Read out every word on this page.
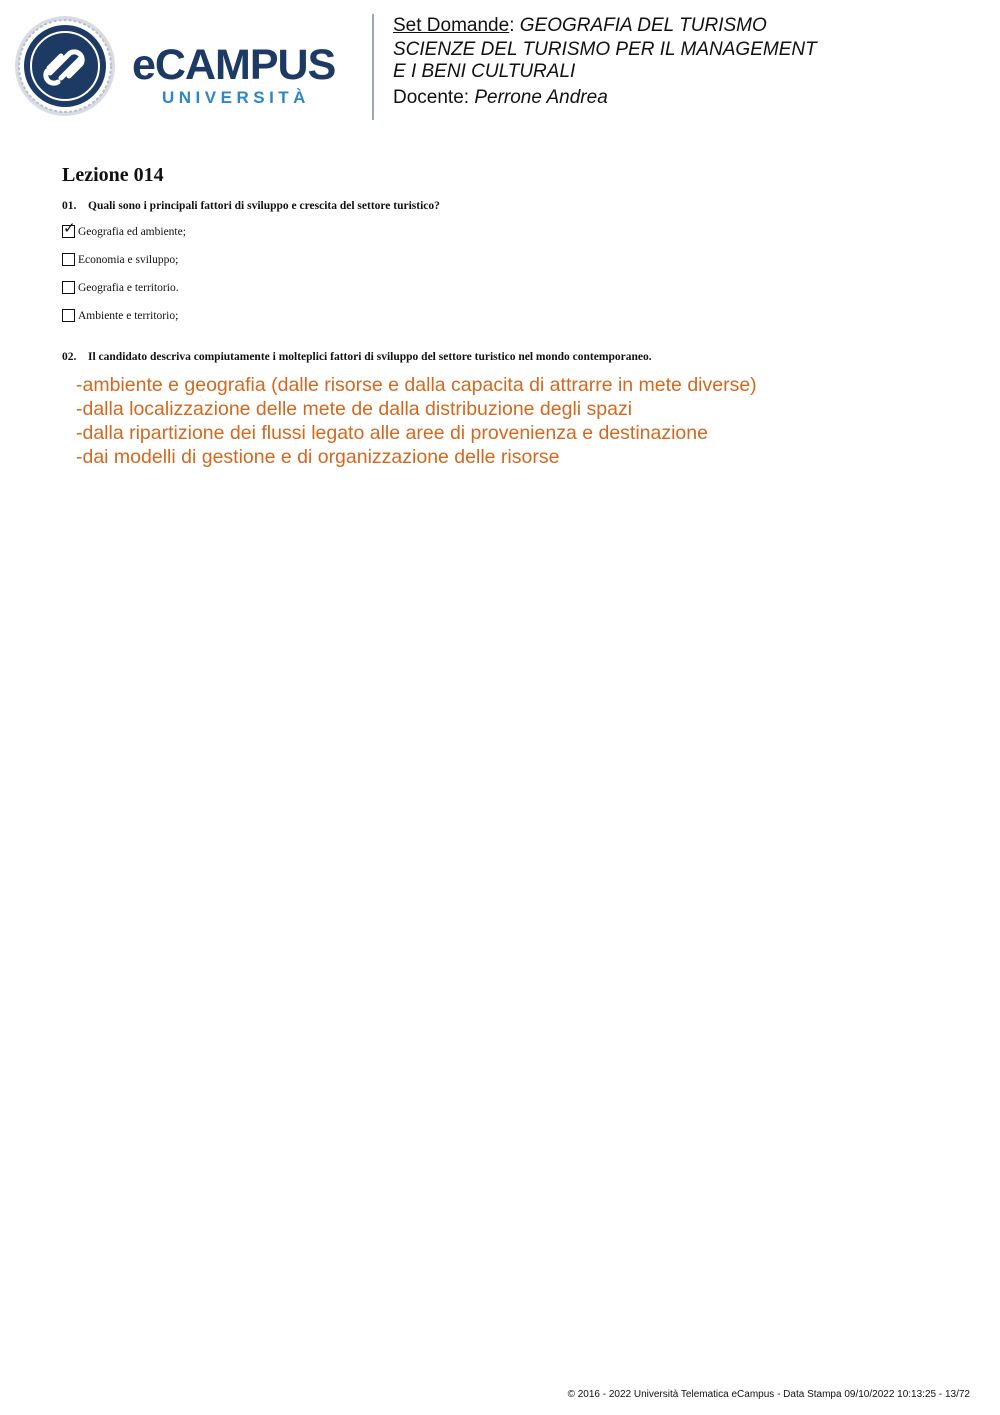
eCAMPUS
UNIVERSITÀ
Set Domande: GEOGRAFIA DEL TURISMO
SCIENZE DEL TURISMO PER IL MANAGEMENT
E I BENI CULTURALI
Docente: Perrone Andrea
Lezione 014
01. Quali sono i principali fattori di sviluppo e crescita del settore turistico?
✓ Geografia ed ambiente;
Economia e sviluppo;
Geografia e territorio.
Ambiente e territorio;
02. Il candidato descriva compiutamente i molteplici fattori di sviluppo del settore turistico nel mondo contemporaneo.
-ambiente e geografia (dalle risorse e dalla capacita di attrarre in mete diverse)
-dalla localizzazione delle mete de dalla distribuzione degli spazi
-dalla ripartizione dei flussi legato alle aree di provenienza e destinazione
-dai modelli di gestione e di organizzazione delle risorse
© 2016 - 2022 Università Telematica eCampus - Data Stampa 09/10/2022 10:13:25 - 13/72
